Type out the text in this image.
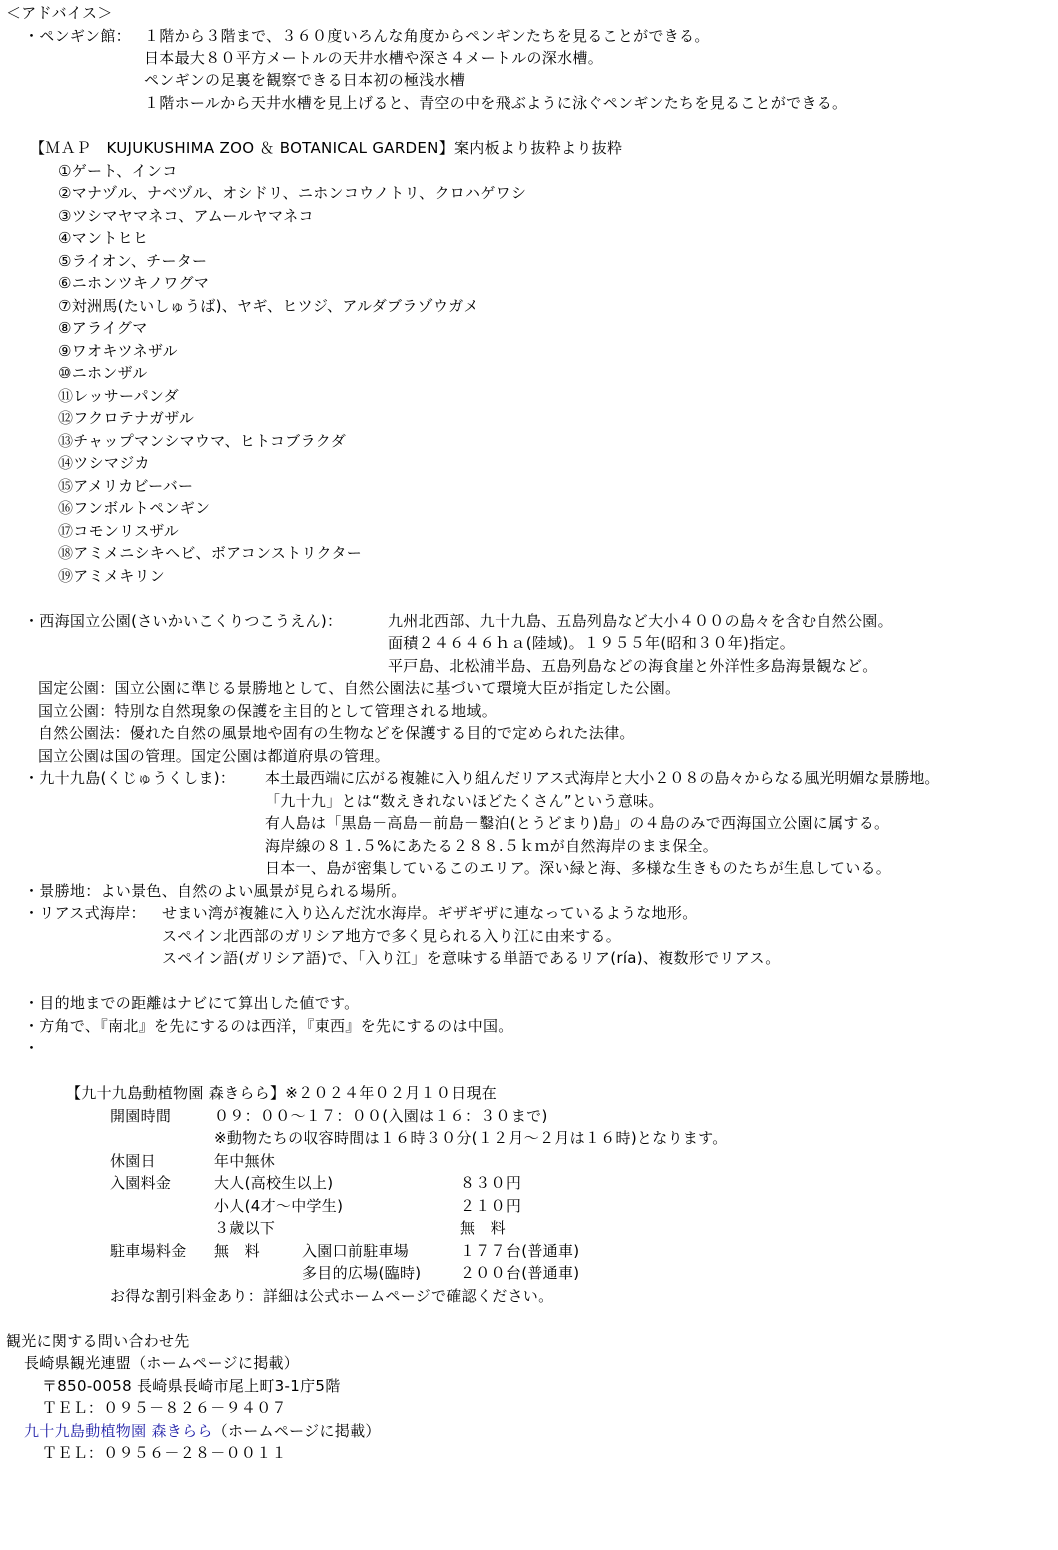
＜アドバイス＞
・ペンギン館： １階から３階まで、３６０度いろんな角度からペンギンたちを見ることができる。
日本最大８０平方メートルの天井水槽や深さ４メートルの深水槽。
ペンギンの足裏を観察できる日本初の極浅水槽
１階ホールから天井水槽を見上げると、青空の中を飛ぶように泳ぐペンギンたちを見ることができる。
【ＭＡＰ　KUJUKUSHIMA ZOO ＆ BOTANICAL GARDEN】案内板より抜粋より抜粋
①ゲート、インコ
②マナヅル、ナベヅル、オシドリ、ニホンコウノトリ、クロハゲワシ
③ツシマヤマネコ、アムールヤマネコ
④マントヒヒ
⑤ライオン、チーター
⑥ニホンツキノワグマ
⑦対洲馬(たいしゅうば)、ヤギ、ヒツジ、アルダブラゾウガメ
⑧アライグマ
⑨ワオキツネザル
⑩ニホンザル
⑪レッサーパンダ
⑫フクロテナガザル
⑬チャップマンシマウマ、ヒトコブラクダ
⑭ツシマジカ
⑮アメリカビーバー
⑯フンボルトペンギン
⑰コモンリスザル
⑱アミメニシキヘビ、ボアコンストリクター
⑲アミメキリン
・西海国立公園(さいかいこくりつこうえん)：	九州北西部、九十九島、五島列島など大小４００の島々を含む自然公園。
面積２４６４６ｈａ(陸域)。１９５５年(昭和３０年)指定。
平戸島、北松浦半島、五島列島などの海食崖と外洋性多島海景観など。
国定公園：国立公園に準じる景勝地として、自然公園法に基づいて環境大臣が指定した公園。
国立公園：特別な自然現象の保護を主目的として管理される地域。
自然公園法：優れた自然の風景地や固有の生物などを保護する目的で定められた法律。
国立公園は国の管理。国定公園は都道府県の管理。
・九十九島(くじゅうくしま)： 本土最西端に広がる複雑に入り組んだリアス式海岸と大小２０８の島々からなる風光明媚な景勝地。
「九十九」とは“数えきれないほどたくさん”という意味。
有人島は「黒島－高島－前島－鑿泊(とうどまり)島」の４島のみで西海国立公園に属する。
海岸線の８１.５%にあたる２８８.５ｋｍが自然海岸のまま保全。
日本一、島が密集しているこのエリア。深い緑と海、多様な生きものたちが生息している。
・景勝地：よい景色、自然のよい風景が見られる場所。
・リアス式海岸： せまい湾が複雑に入り込んだ沈水海岸。ギザギザに連なっているような地形。
スペイン北西部のガリシア地方で多く見られる入り江に由来する。
スペイン語(ガリシア語)で、「入り江」を意味する単語であるリア(ría)、複数形でリアス。
・目的地までの距離はナビにて算出した値です。
・方角で、『南北』を先にするのは西洋，『東西』を先にするのは中国。
・
【九十九島動植物園 森きらら】※２０２４年０２月１０日現在
開園時間	０９：００～１７：００(入園は１６：３０まで)
※動物たちの収容時間は１６時３０分(１２月～２月は１６時)となります。
休園日	年中無休
入園料金	大人(高校生以上)	８３０円
小人(4才～中学生)	２１０円
３歳以下	無　料
駐車場料金 無　料	入園口前駐車場	１７７台(普通車)
多目的広場(臨時)	２００台(普通車)
お得な割引料金あり：詳細は公式ホームページで確認ください。
観光に関する問い合わせ先
長崎県観光連盟（ホームページに掲載）
〒850-0058 長崎県長崎市尾上町3-1庁5階
ＴＥＬ：０９５－８２６－９４０７
九十九島動植物園 森きらら（ホームページに掲載）
ＴＥＬ：０９５６－２８－００１１
